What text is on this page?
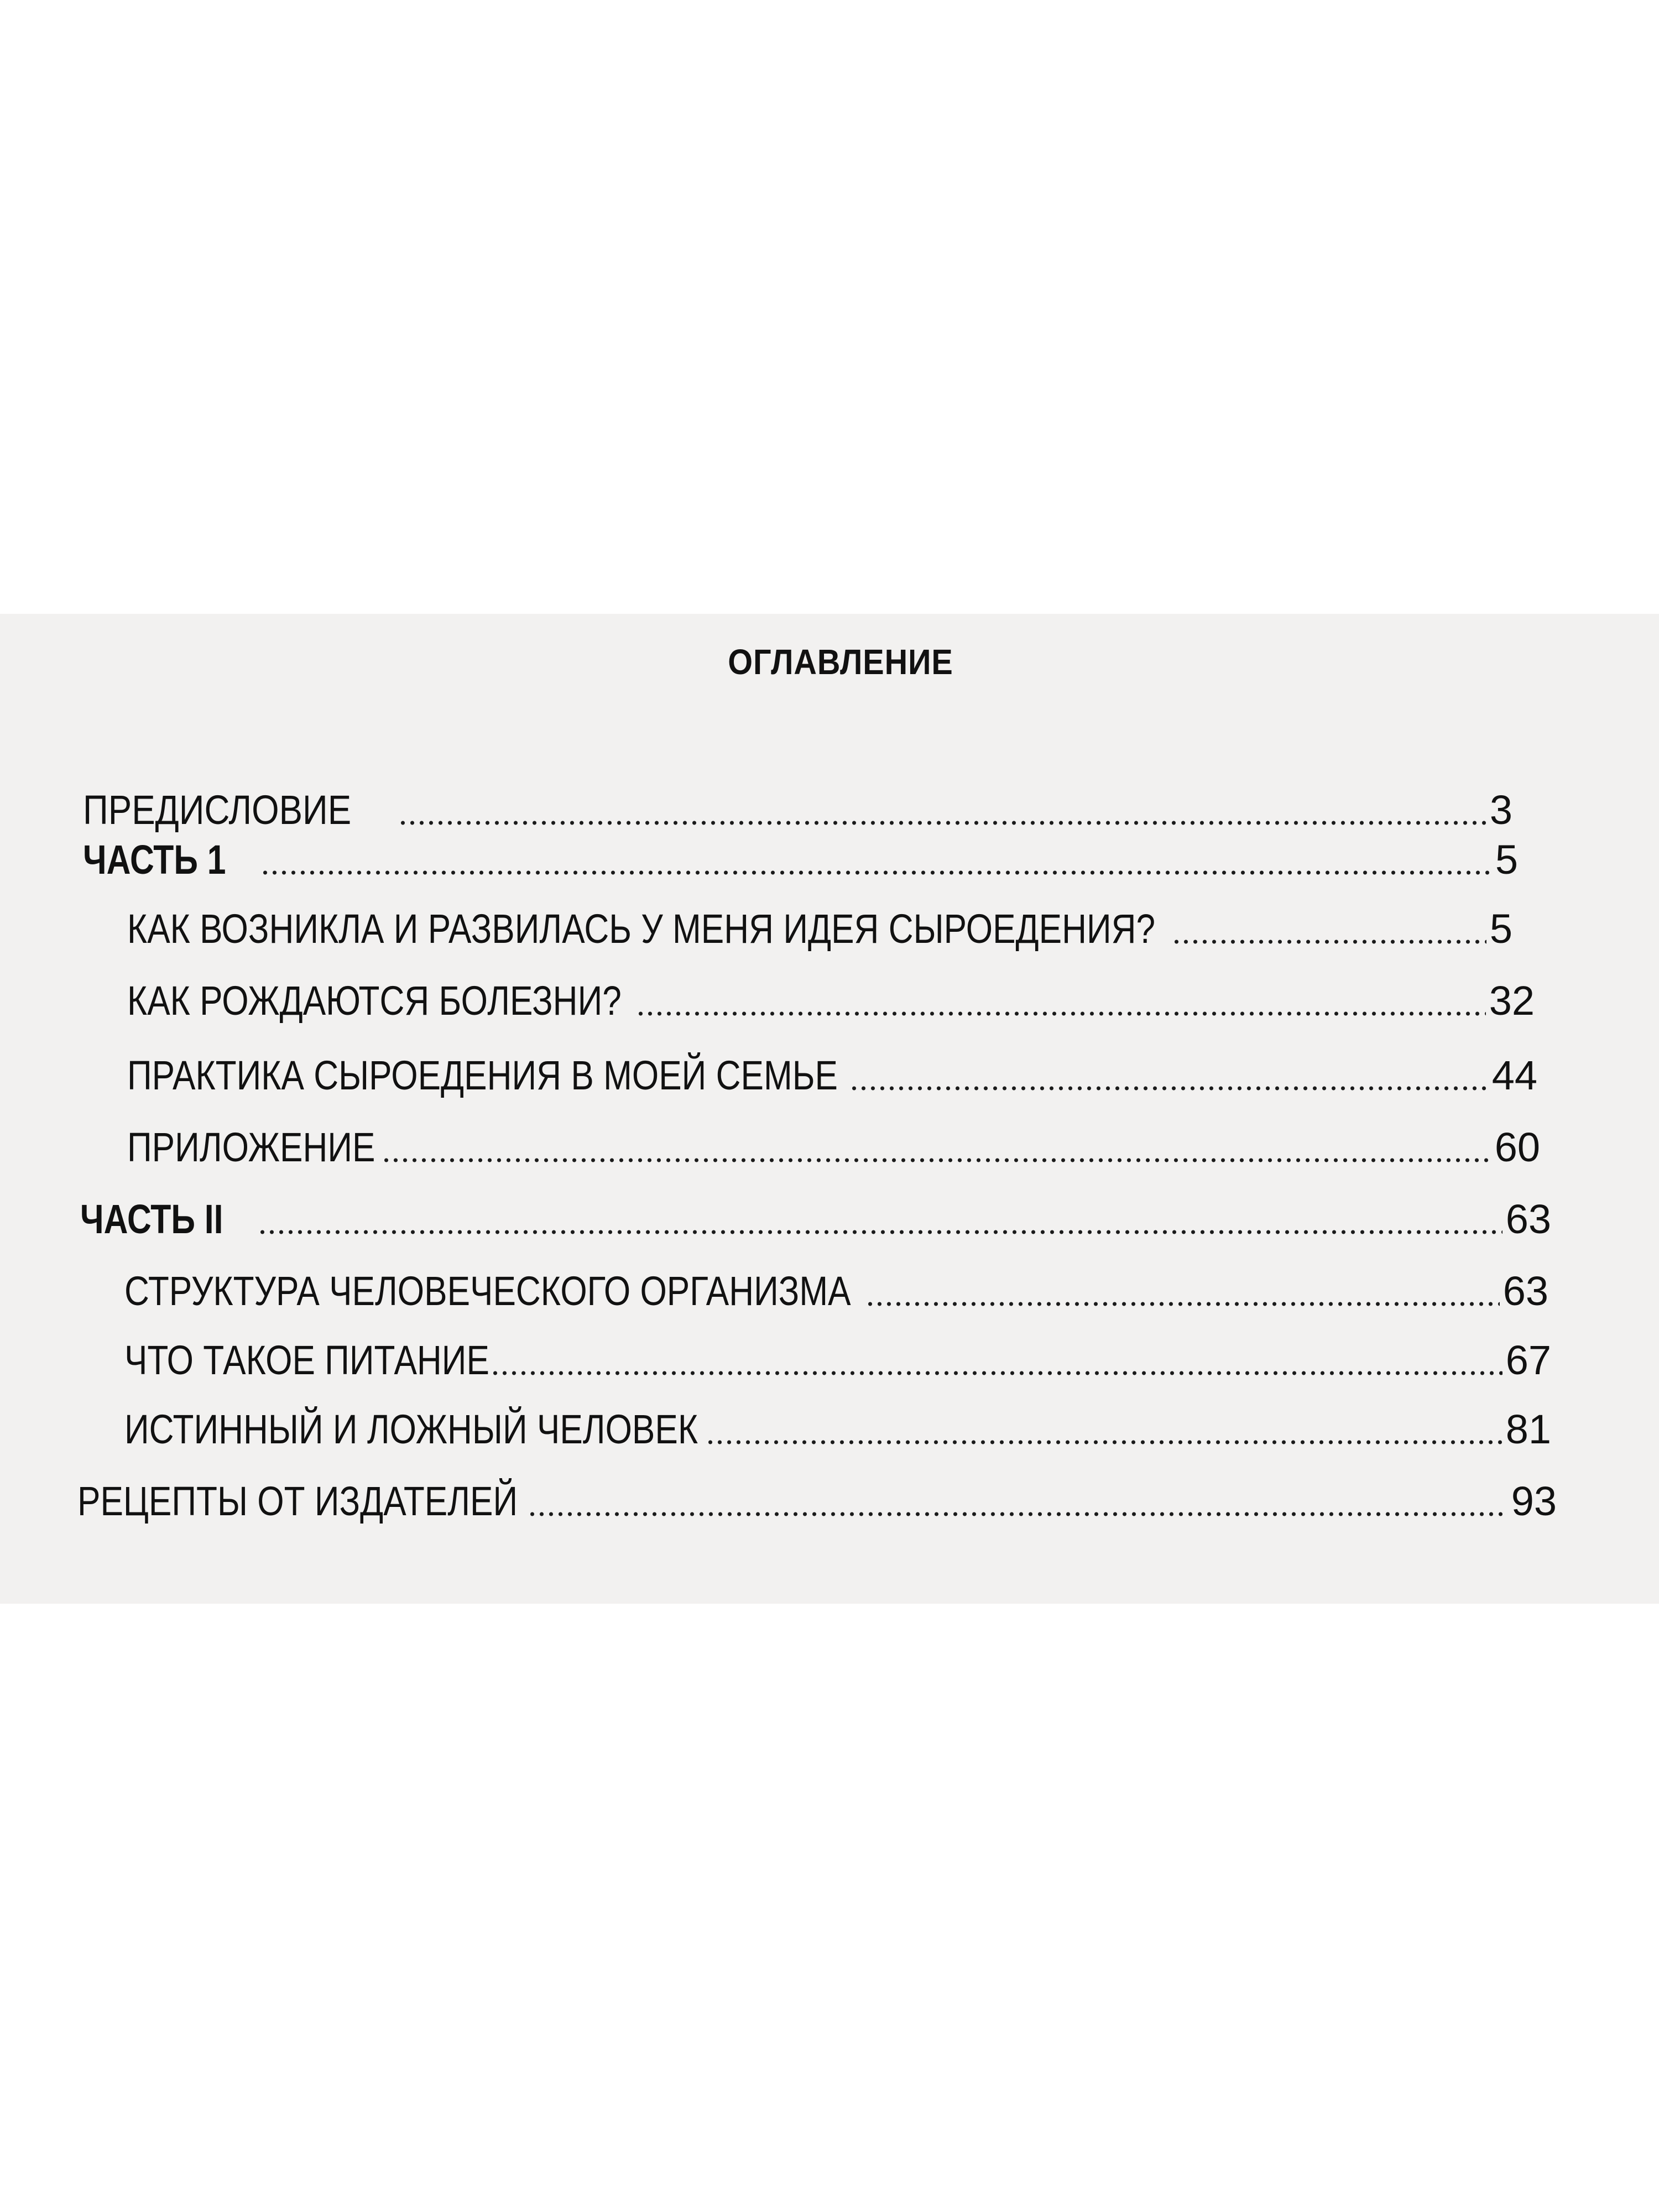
ОГЛАВЛЕНИЕ
ПРЕДИСЛОВИЕ	3
ЧАСТЬ 1	5
КАК ВОЗНИКЛА И РАЗВИЛАСЬ У МЕНЯ ИДЕЯ СЫРОЕДЕНИЯ?	5
КАК РОЖДАЮТСЯ БОЛЕЗНИ?	32
ПРАКТИКА СЫРОЕДЕНИЯ В МОЕЙ СЕМЬЕ	44
ПРИЛОЖЕНИЕ	60
ЧАСТЬ II	63
СТРУКТУРА ЧЕЛОВЕЧЕСКОГО ОРГАНИЗМА	63
ЧТО ТАКОЕ ПИТАНИЕ	67
ИСТИННЫЙ И ЛОЖНЫЙ ЧЕЛОВЕК	81
РЕЦЕПТЫ ОТ ИЗДАТЕЛЕЙ	93
